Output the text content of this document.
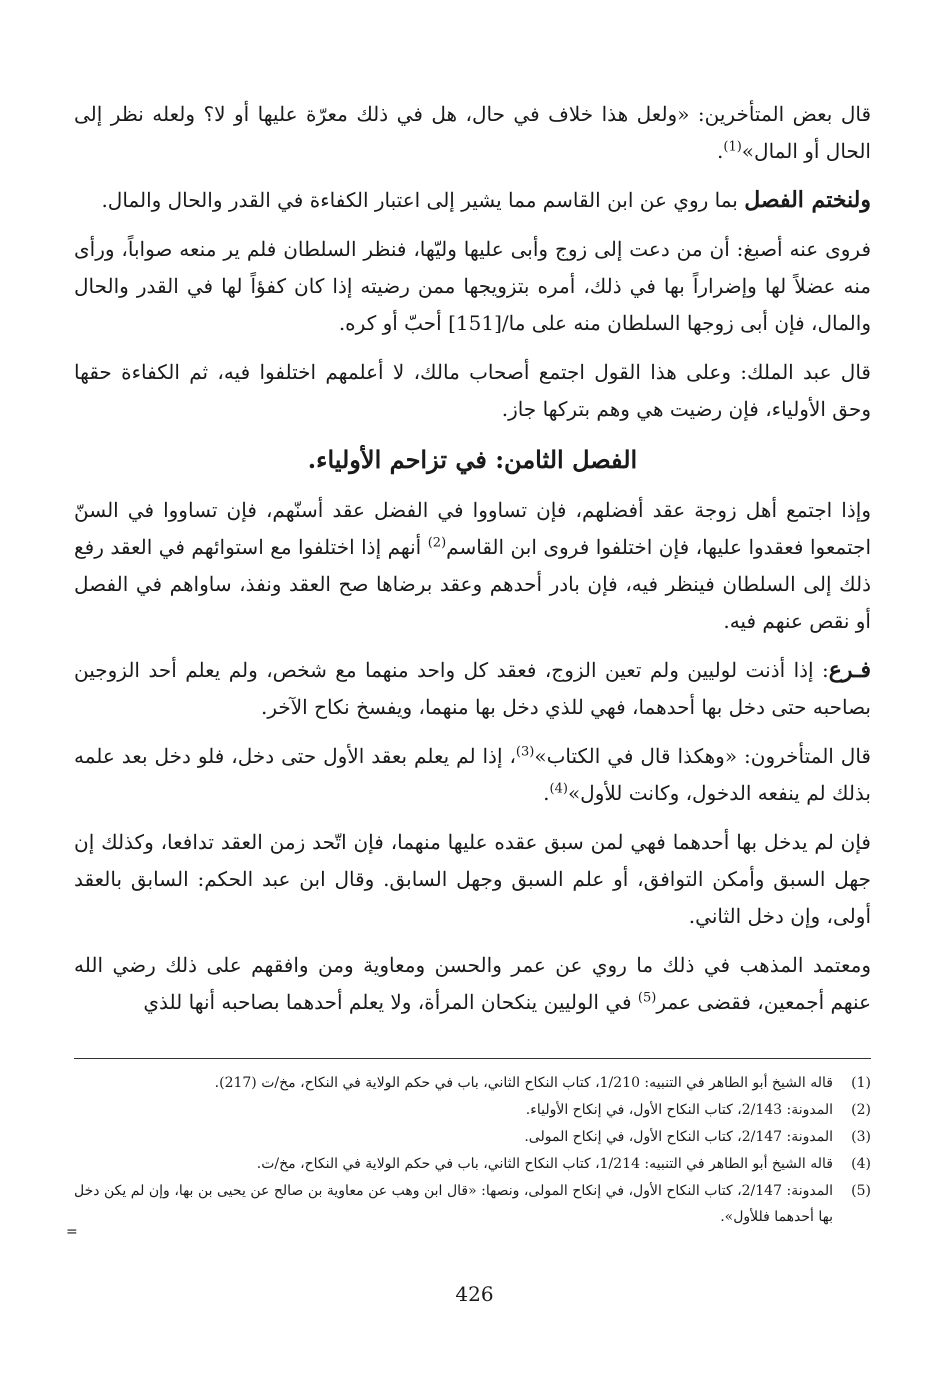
قال بعض المتأخرين: «ولعل هذا خلاف في حال، هل في ذلك معرّة عليها أو لا؟ ولعله نظر إلى الحال أو المال»$^{(1)}$.

ولنختم الفصل بما روي عن ابن القاسم مما يشير إلى اعتبار الكفاءة في القدر والحال والمال.

فروى عنه أصبغ: أن من دعت إلى زوج وأبى عليها وليّها، فنظر السلطان فلم ير منعه صواباً، ورأى منه عضلاً لها وإضراراً بها في ذلك، أمره بتزويجها ممن رضيته إذا كان كفؤاً لها في القدر والحال والمال، فإن أبى زوجها السلطان منه على ما/[151] أحبّ أو كره.

قال عبد الملك: وعلى هذا القول اجتمع أصحاب مالك، لا أعلمهم اختلفوا فيه، ثم الكفاءة حقها وحق الأولياء، فإن رضيت هي وهم بتركها جاز.

الفصل الثامن: في تزاحم الأولياء.

وإذا اجتمع أهل زوجة عقد أفضلهم، فإن تساووا في الفضل عقد أسنّهم، فإن تساووا في السنّ اجتمعوا فعقدوا عليها، فإن اختلفوا فروى ابن القاسم$^{(2)}$ أنهم إذا اختلفوا مع استوائهم في العقد رفع ذلك إلى السلطان فينظر فيه، فإن بادر أحدهم وعقد برضاها صح العقد ونفذ، ساواهم في الفصل أو نقص عنهم فيه.

فـرع: إذا أذنت لوليين ولم تعين الزوج، فعقد كل واحد منهما مع شخص، ولم يعلم أحد الزوجين بصاحبه حتى دخل بها أحدهما، فهي للذي دخل بها منهما، ويفسخ نكاح الآخر.

قال المتأخرون: «وهكذا قال في الكتاب»$^{(3)}$، إذا لم يعلم بعقد الأول حتى دخل، فلو دخل بعد علمه بذلك لم ينفعه الدخول، وكانت للأول»$^{(4)}$.

فإن لم يدخل بها أحدهما فهي لمن سبق عقده عليها منهما، فإن اتّحد زمن العقد تدافعا، وكذلك إن جهل السبق وأمكن التوافق، أو علم السبق وجهل السابق. وقال ابن عبد الحكم: السابق بالعقد أولى، وإن دخل الثاني.

ومعتمد المذهب في ذلك ما روي عن عمر والحسن ومعاوية ومن وافقهم على ذلك رضي الله عنهم أجمعين، فقضى عمر$^{(5)}$ في الوليين ينكحان المرأة، ولا يعلم أحدهما بصاحبه أنها للذي

(1)
قاله الشيخ أبو الطاهر في التنبيه: 1/210، كتاب النكاح الثاني، باب في حكم الولاية في النكاح، مخ/ت (217).
(2)
المدونة: 2/143، كتاب النكاح الأول، في إنكاح الأولياء.
(3)
المدونة: 2/147، كتاب النكاح الأول، في إنكاح المولى.
(4)
قاله الشيخ أبو الطاهر في التنبيه: 1/214، كتاب النكاح الثاني، باب في حكم الولاية في النكاح، مخ/ت.
(5)
المدونة: 2/147، كتاب النكاح الأول، في إنكاح المولى، ونصها: «قال ابن وهب عن معاوية بن صالح عن يحيى بن بها، وإن لم يكن دخل بها أحدهما فللأول».
=
426
